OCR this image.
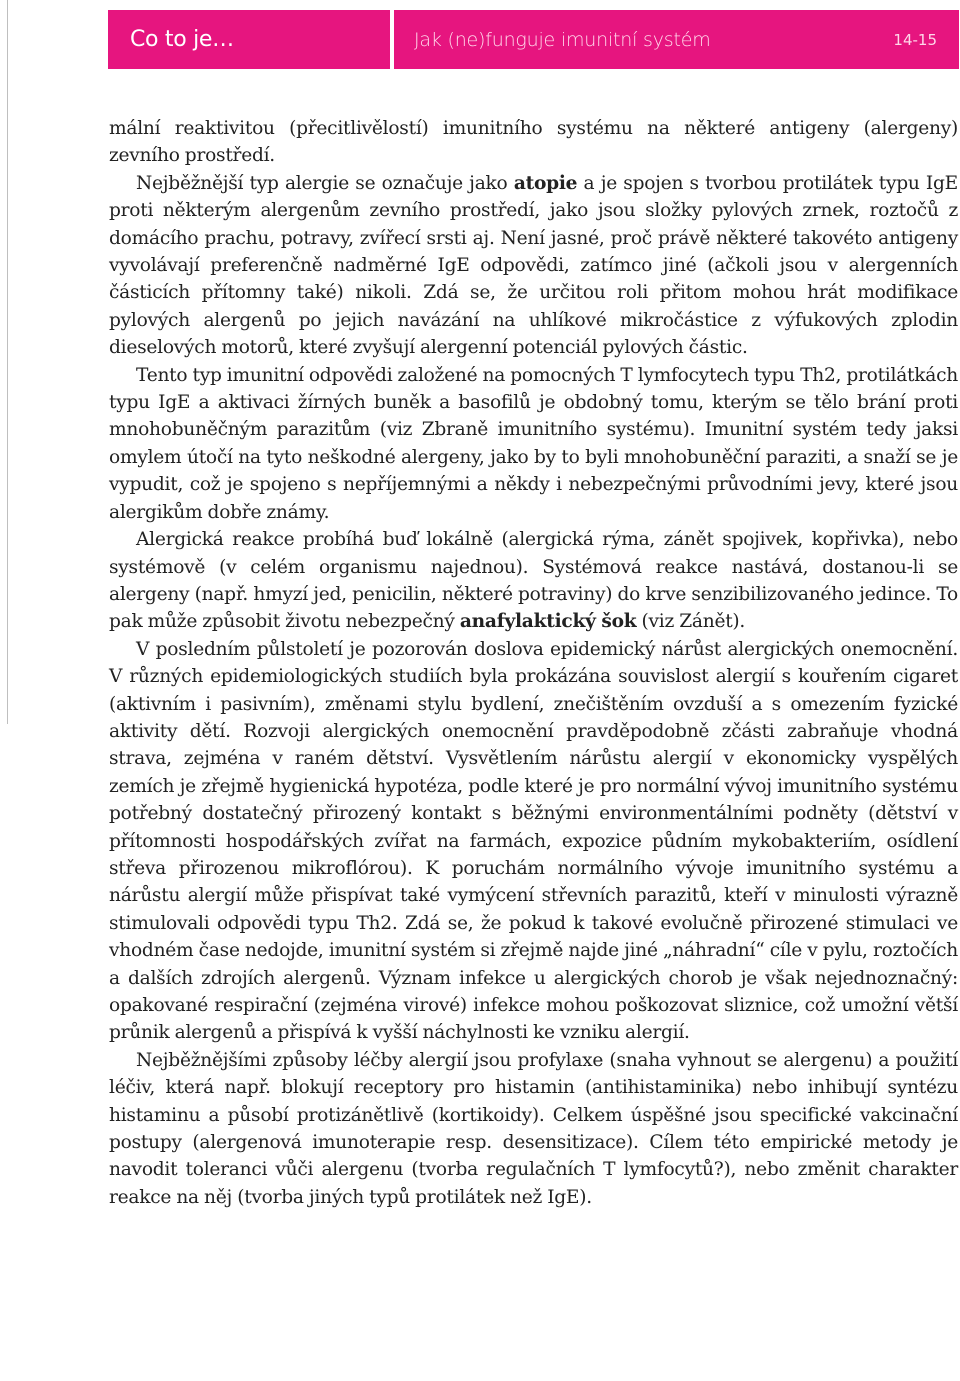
Co to je…	Jak (ne)funguje imunitní systém	14-15

mální reaktivitou (přecitlivělostí) imunitního systému na některé antigeny (alergeny) zevního prostředí.

Nejběžnější typ alergie se označuje jako atopie a je spojen s tvorbou protilátek typu IgE proti některým alergenům zevního prostředí, jako jsou složky pylových zrnek, roztočů z domácího prachu, potravy, zvířecí srsti aj. Není jasné, proč právě některé takovéto antigeny vyvolávají preferenčně nadměrné IgE odpovědi, zatímco jiné (ačkoli jsou v alergenních částicích přítomny také) nikoli. Zdá se, že určitou roli přitom mohou hrát modifikace pylových alergenů po jejich navázání na uhlíkové mikročástice z výfukových zplodin dieselových motorů, které zvyšují alergenní potenciál pylových částic.

Tento typ imunitní odpovědi založené na pomocných T lymfocytech typu Th2, protilátkách typu IgE a aktivaci žírných buněk a basofilů je obdobný tomu, kterým se tělo brání proti mnohobuněčným parazitům (viz Zbraně imunitního systému). Imunitní systém tedy jaksi omylem útočí na tyto neškodné alergeny, jako by to byli mnohobuněční paraziti, a snaží se je vypudit, což je spojeno s nepříjemnými a někdy i nebezpečnými průvodními jevy, které jsou alergikům dobře známy.

Alergická reakce probíhá buď lokálně (alergická rýma, zánět spojivek, kopřivka), nebo systémově (v celém organismu najednou). Systémová reakce nastává, dostanou-li se alergeny (např. hmyzí jed, penicilin, některé potraviny) do krve senzibilizovaného jedince. To pak může způsobit životu nebezpečný anafylaktický šok (viz Zánět).

V posledním půlstoletí je pozorován doslova epidemický nárůst alergických onemocnění. V různých epidemiologických studiích byla prokázána souvislost alergií s kouřením cigaret (aktivním i pasivním), změnami stylu bydlení, znečištěním ovzduší a s omezením fyzické aktivity dětí. Rozvoji alergických onemocnění pravděpodobně zčásti zabraňuje vhodná strava, zejména v raném dětství. Vysvětlením nárůstu alergií v ekonomicky vyspělých zemích je zřejmě hygienická hypotéza, podle které je pro normální vývoj imunitního systému potřebný dostatečný přirozený kontakt s běžnými environmentálními podněty (dětství v přítomnosti hospodářských zvířat na farmách, expozice půdním mykobakteriím, osídlení střeva přirozenou mikroflórou). K poruchám normálního vývoje imunitního systému a nárůstu alergií může přispívat také vymýcení střevních parazitů, kteří v minulosti výrazně stimulovali odpovědi typu Th2. Zdá se, že pokud k takové evolučně přirozené stimulaci ve vhodném čase nedojde, imunitní systém si zřejmě najde jiné „náhradní“ cíle v pylu, roztočích a dalších zdrojích alergenů. Význam infekce u alergických chorob je však nejednoznačný: opakované respirační (zejména virové) infekce mohou poškozovat sliznice, což umožní větší průnik alergenů a přispívá k vyšší náchylnosti ke vzniku alergií.

Nejběžnějšími způsoby léčby alergií jsou profylaxe (snaha vyhnout se alergenu) a použití léčiv, která např. blokují receptory pro histamin (antihistaminika) nebo inhibují syntézu histaminu a působí protizánětlivě (kortikoidy). Celkem úspěšné jsou specifické vakcinační postupy (alergenová imunoterapie resp. desensitizace). Cílem této empirické metody je navodit toleranci vůči alergenu (tvorba regulačních T lymfocytů?), nebo změnit charakter reakce na něj (tvorba jiných typů protilátek než IgE).
